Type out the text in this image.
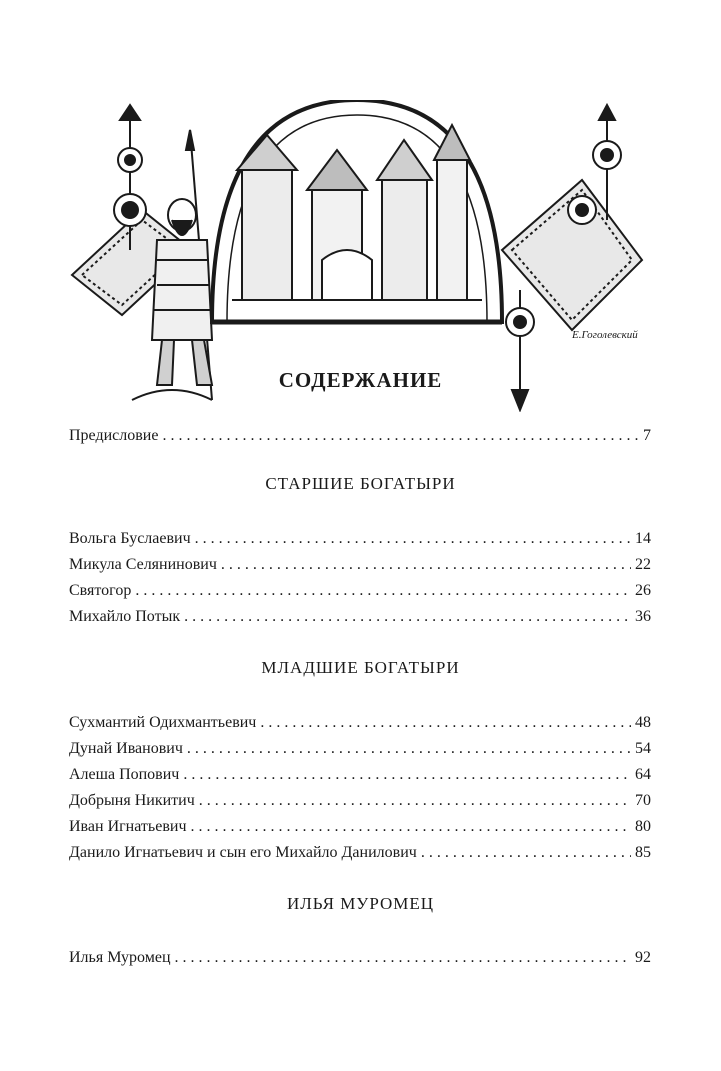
Е.Гоголевский
СОДЕРЖАНИЕ
Предисловие . . .	7
СТАРШИЕ БОГАТЫРИ
Вольга Буслаевич . . .	14
Микула Селянинович . . .	22
Святогор . . .	26
Михайло Потык . . .	36
МЛАДШИЕ БОГАТЫРИ
Сухмантий Одихмантьевич . . .	48
Дунай Иванович . . .	54
Алеша Попович . . .	64
Добрыня Никитич . . .	70
Иван Игнатьевич . . .	80
Данило Игнатьевич и сын его Михайло Данилович . . .	85
ИЛЬЯ МУРОМЕЦ
Илья Муромец . . .	92
